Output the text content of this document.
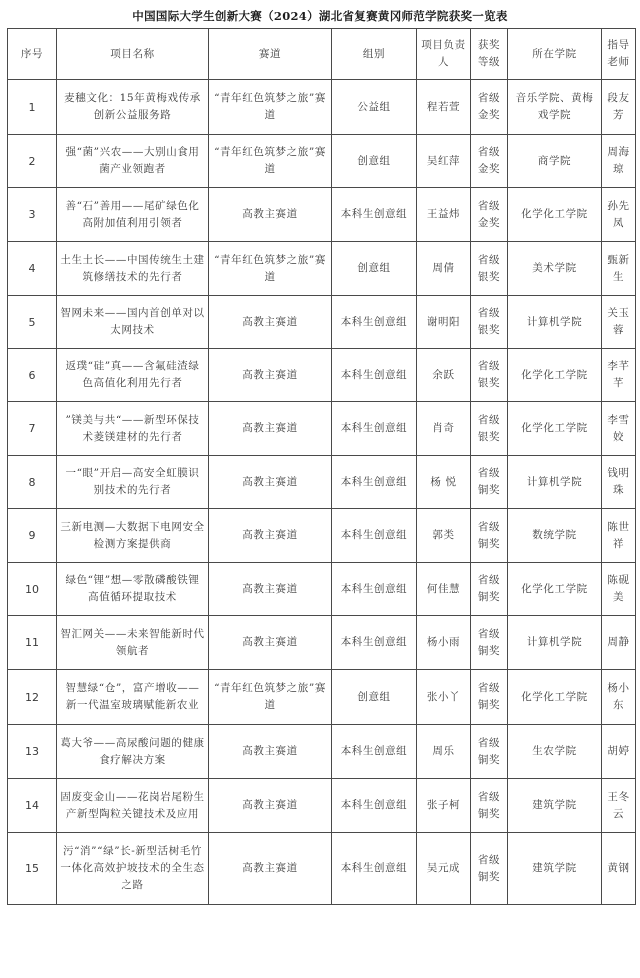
中国国际大学生创新大赛（2024）湖北省复赛黄冈师范学院获奖一览表
序号	项目名称	赛道	组别	项目负责人	获奖等级	所在学院	指导老师
1	麦穗文化：15年黄梅戏传承创新公益服务路	“青年红色筑梦之旅”赛道	公益组	程若萱	省级金奖	音乐学院、黄梅戏学院	段友芳
2	强“菌”兴农——大别山食用菌产业领跑者	“青年红色筑梦之旅”赛道	创意组	吴红萍	省级金奖	商学院	周海琼
3	善“石”善用——尾矿绿色化高附加值利用引领者	高教主赛道	本科生创意组	王益炜	省级金奖	化学化工学院	孙先凤
4	土生土长——中国传统生土建筑修缮技术的先行者	“青年红色筑梦之旅”赛道	创意组	周倩	省级银奖	美术学院	甄新生
5	智网未来——国内首创单对以太网技术	高教主赛道	本科生创意组	谢明阳	省级银奖	计算机学院	关玉蓉
6	返璞“硅”真——含氟硅渣绿色高值化利用先行者	高教主赛道	本科生创意组	余跃	省级银奖	化学化工学院	李芊芊
7	”镁美与共“——新型环保技术菱镁建材的先行者	高教主赛道	本科生创意组	肖奇	省级银奖	化学化工学院	李雪姣
8	一“眼”开启—高安全虹膜识别技术的先行者	高教主赛道	本科生创意组	杨 悦	省级铜奖	计算机学院	钱明珠
9	三新电测—大数据下电网安全检测方案提供商	高教主赛道	本科生创意组	郭类	省级铜奖	数统学院	陈世祥
10	绿色“锂”想—零散磷酸铁锂高值循环提取技术	高教主赛道	本科生创意组	何佳慧	省级铜奖	化学化工学院	陈砚美
11	智汇网关——未来智能新时代领航者	高教主赛道	本科生创意组	杨小雨	省级铜奖	计算机学院	周静
12	智慧绿“仓”，富产增收——新一代温室玻璃赋能新农业	“青年红色筑梦之旅”赛道	创意组	张小丫	省级铜奖	化学化工学院	杨小东
13	葛大爷——高尿酸问题的健康食疗解决方案	高教主赛道	本科生创意组	周乐	省级铜奖	生农学院	胡婷
14	固废变金山——花岗岩尾粉生产新型陶粒关键技术及应用	高教主赛道	本科生创意组	张子柯	省级铜奖	建筑学院	王冬云
15	污“消”“绿”长-新型活树毛竹一体化高效护坡技术的全生态之路	高教主赛道	本科生创意组	吴元成	省级铜奖	建筑学院	黄钢
